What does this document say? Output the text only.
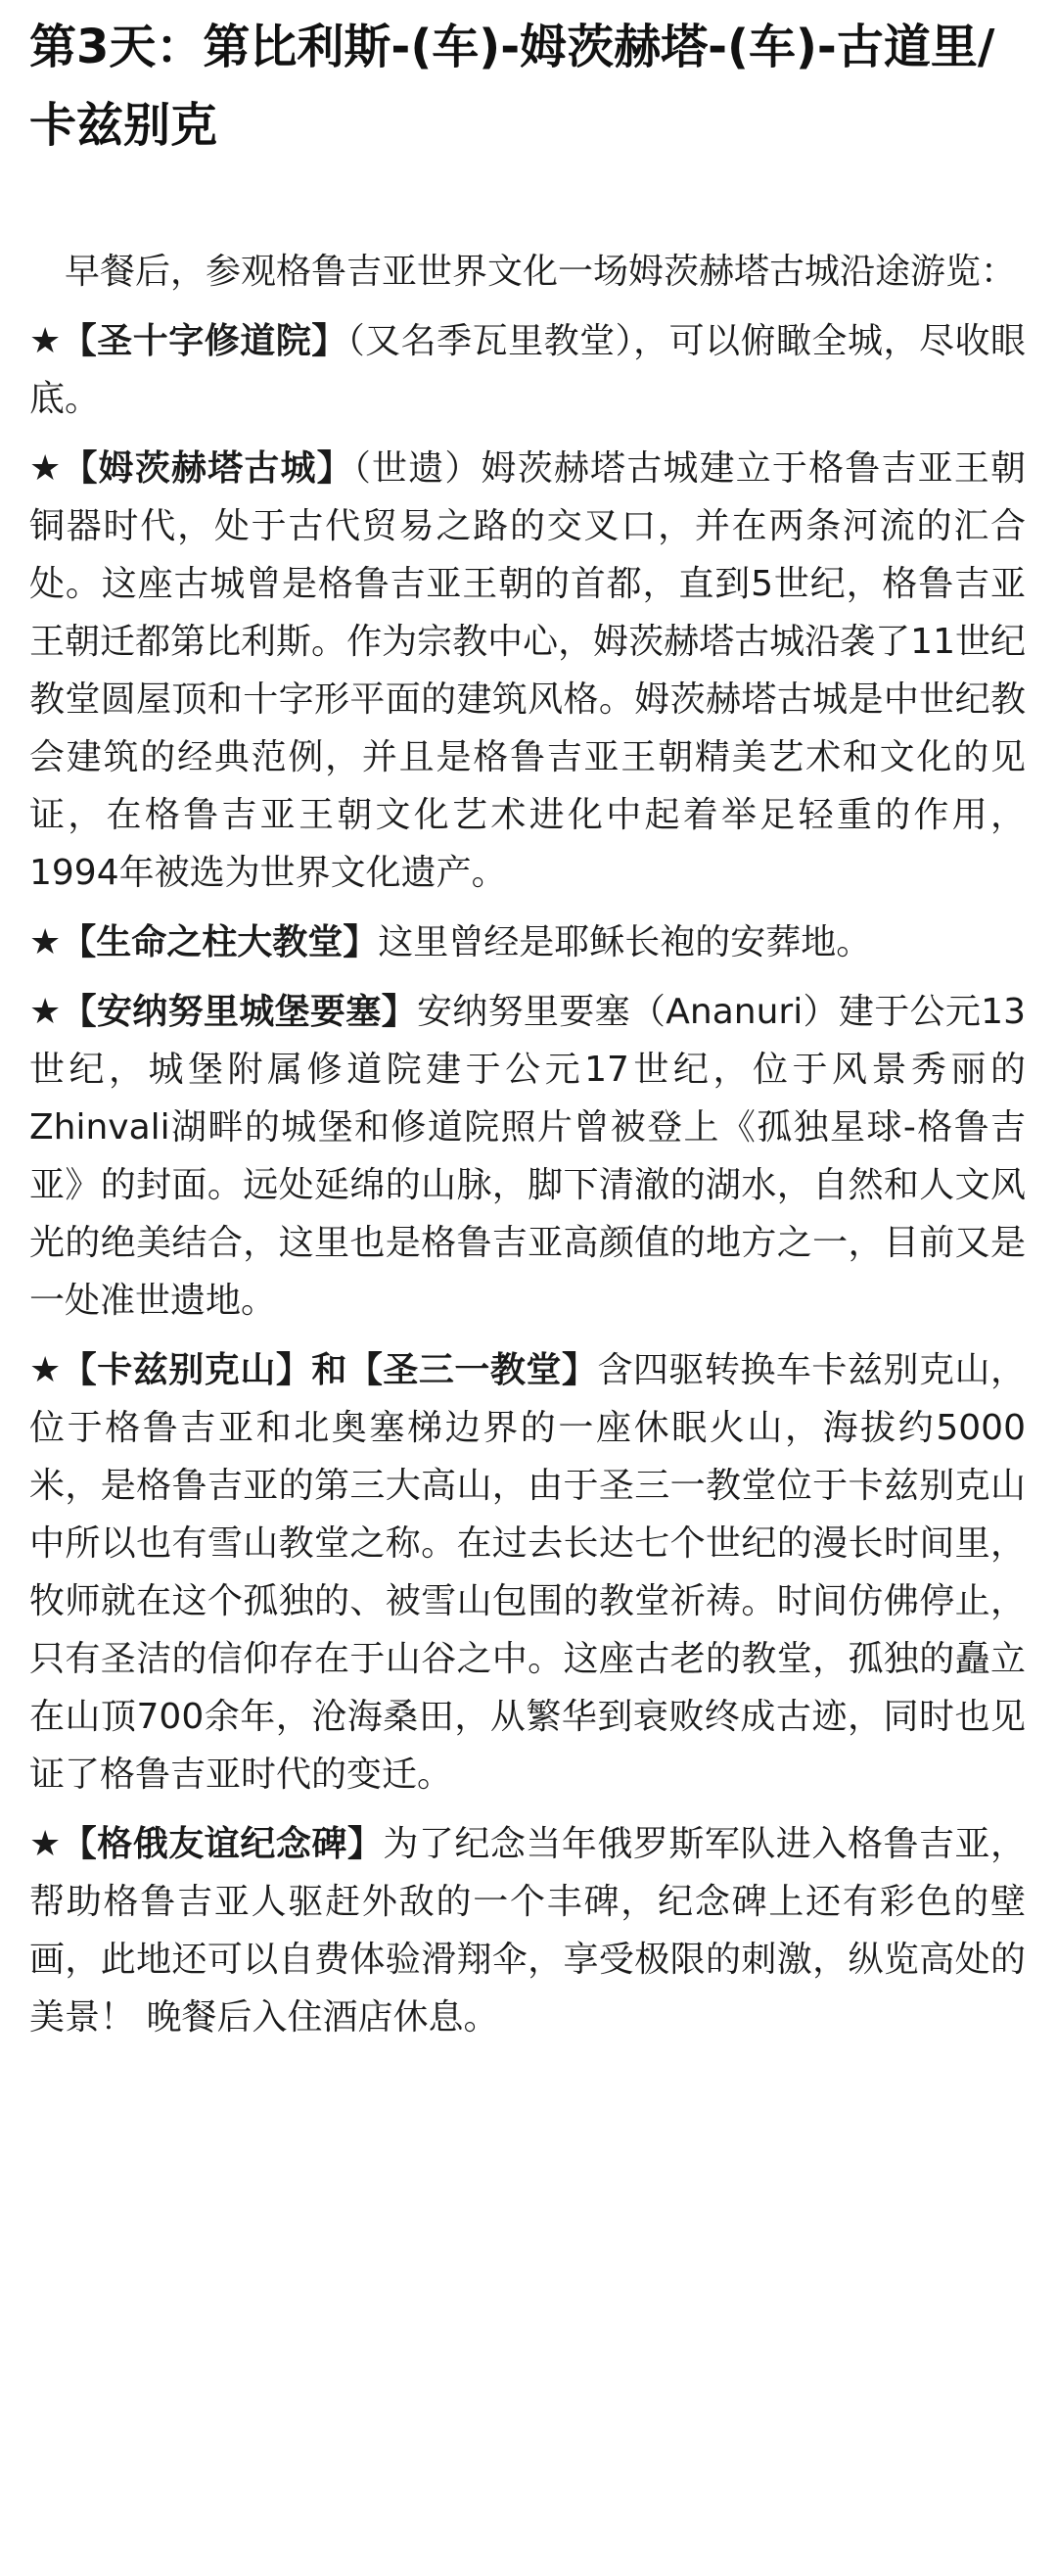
第3天：第比利斯-(车)-姆茨赫塔-(车)-古道里/卡兹别克

早餐后，参观格鲁吉亚世界文化一场姆茨赫塔古城沿途游览：

★【圣十字修道院】（又名季瓦里教堂），可以俯瞰全城，尽收眼底。

★【姆茨赫塔古城】（世遗）姆茨赫塔古城建立于格鲁吉亚王朝铜器时代，处于古代贸易之路的交叉口，并在两条河流的汇合处。这座古城曾是格鲁吉亚王朝的首都，直到5世纪，格鲁吉亚王朝迁都第比利斯。作为宗教中心，姆茨赫塔古城沿袭了11世纪教堂圆屋顶和十字形平面的建筑风格。姆茨赫塔古城是中世纪教会建筑的经典范例，并且是格鲁吉亚王朝精美艺术和文化的见证，在格鲁吉亚王朝文化艺术进化中起着举足轻重的作用，1994年被选为世界文化遗产。

★【生命之柱大教堂】这里曾经是耶稣长袍的安葬地。

★【安纳努里城堡要塞】安纳努里要塞（Ananuri）建于公元13世纪，城堡附属修道院建于公元17世纪，位于风景秀丽的Zhinvali湖畔的城堡和修道院照片曾被登上《孤独星球-格鲁吉亚》的封面。远处延绵的山脉，脚下清澈的湖水，自然和人文风光的绝美结合，这里也是格鲁吉亚高颜值的地方之一，目前又是一处准世遗地。

★【卡兹别克山】和【圣三一教堂】含四驱转换车卡兹别克山，位于格鲁吉亚和北奥塞梯边界的一座休眠火山，海拔约5000米，是格鲁吉亚的第三大高山，由于圣三一教堂位于卡兹别克山中所以也有雪山教堂之称。在过去长达七个世纪的漫长时间里，牧师就在这个孤独的、被雪山包围的教堂祈祷。时间仿佛停止，只有圣洁的信仰存在于山谷之中。这座古老的教堂，孤独的矗立在山顶700余年，沧海桑田，从繁华到衰败终成古迹，同时也见证了格鲁吉亚时代的变迁。

★【格俄友谊纪念碑】为了纪念当年俄罗斯军队进入格鲁吉亚，帮助格鲁吉亚人驱赶外敌的一个丰碑，纪念碑上还有彩色的壁画，此地还可以自费体验滑翔伞，享受极限的刺激，纵览高处的美景！ 晚餐后入住酒店休息。
